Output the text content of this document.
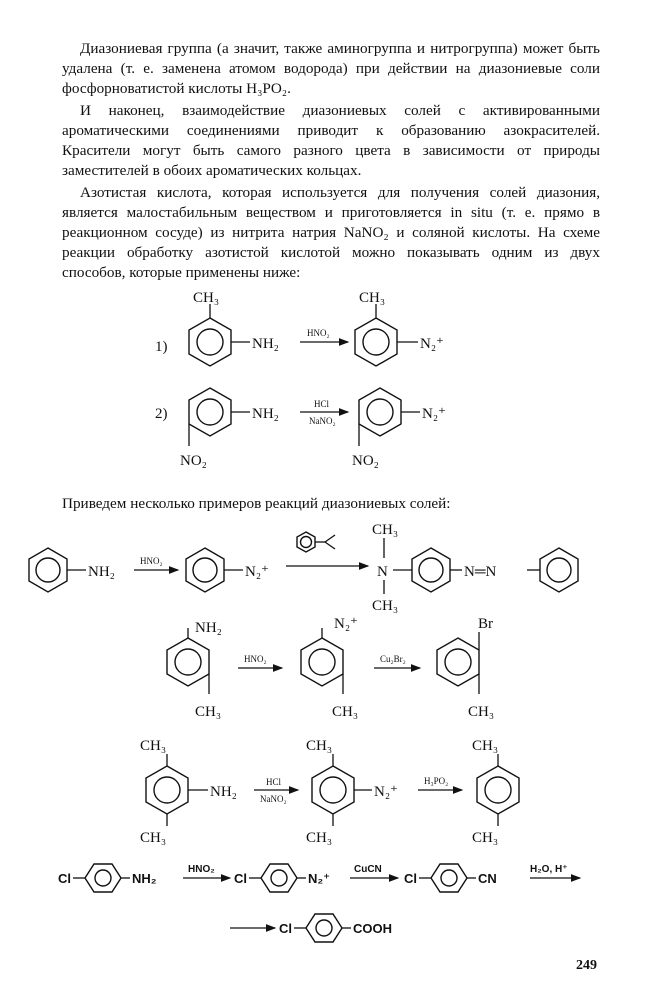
Диазониевая группа (а значит, также аминогруппа и нитрогруппа) может быть удалена (т. е. заменена атомом водорода) при действии на диазониевые соли фосфорноватистой кислоты H₃PO₂.

И наконец, взаимодействие диазониевых солей с активированными ароматическими соединениями приводит к образованию азокрасителей. Красители могут быть самого разного цвета в зависимости от природы заместителей в обоих ароматических кольцах.

Азотистая кислота, которая используется для получения солей диазония, является малостабильным веществом и приготовляется in situ (т. е. прямо в реакционном сосуде) из нитрита натрия NaNO₂ и соляной кислоты. На схеме реакции обработку азотистой кислотой можно показывать одним из двух способов, которые применены ниже:

1)
CH₃
NH₂
HNO₂
CH₃
N₂⁺
2)	NH₂
NO₂
HCl
NaNO₂	N₂⁺
NO₂
Приведем несколько примеров реакций диазониевых солей:
NH₂
HNO₂
N₂⁺
CH₃
N
CH₃
N═N
NH₂
CH₃
HNO₂
N₂⁺
CH₃
Cu₂Br₂
Br
CH₃
CH₃
CH₃
NH₂
HCl
NaNO₂
CH₃
CH₃
N₂⁺
H₃PO₂
CH₃
CH₃
Cl	NH₂
HNO₂
Cl	N₂⁺
CuCN
Cl	CN
H₂O, H⁺
Cl	COOH
249
